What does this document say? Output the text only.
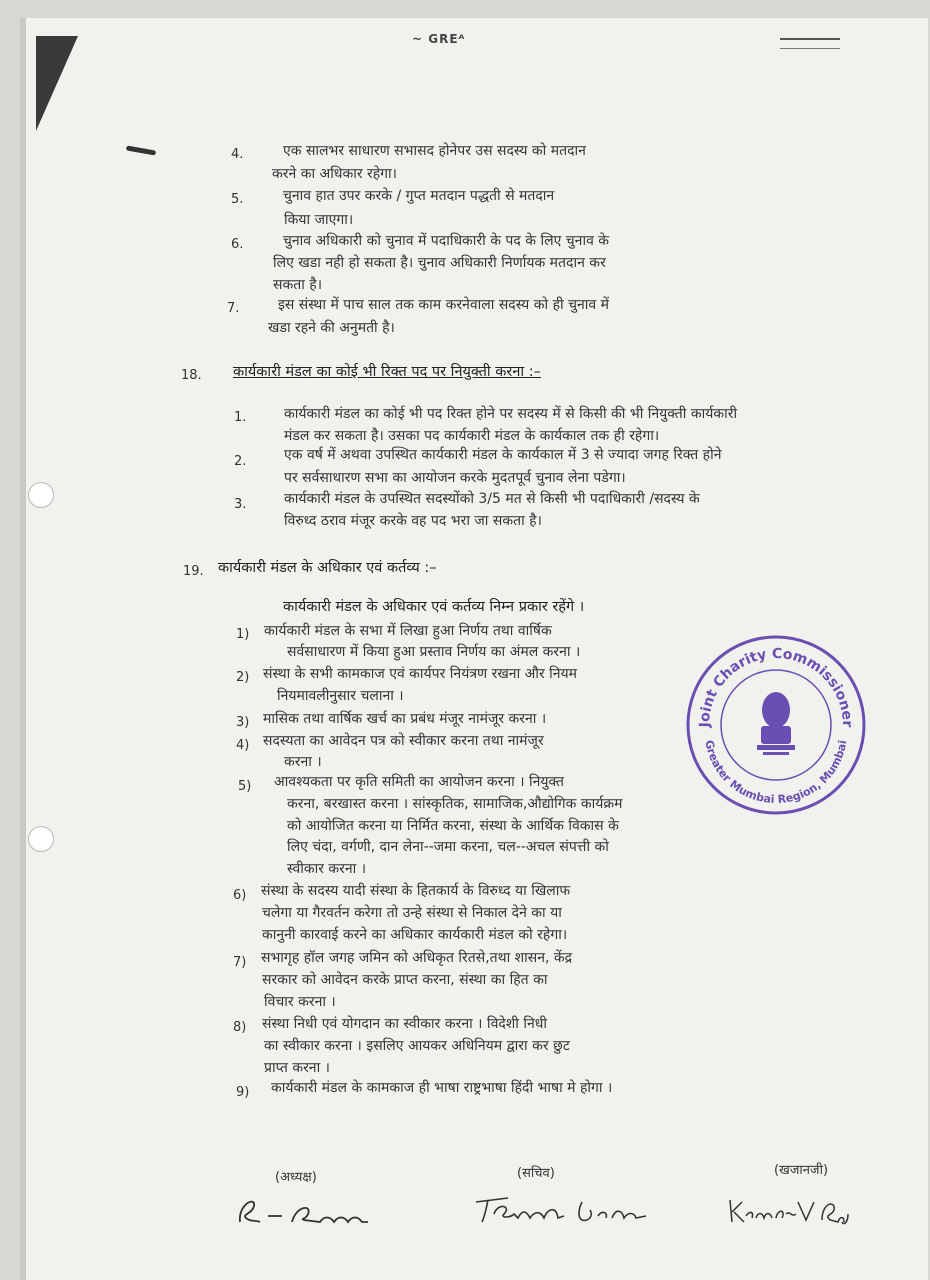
~ GREᴬ
4.	एक सालभर साधारण सभासद होनेपर उस सदस्य को मतदान
करने का अधिकार रहेगा।
5.	चुनाव हात उपर करके / गुप्त मतदान पद्धती से मतदान
किया जाएगा।
6.	चुनाव अधिकारी को चुनाव में पदाधिकारी के पद के लिए चुनाव के
लिए खडा नही हो सकता है। चुनाव अधिकारी निर्णायक मतदान कर
सकता है।
7.	इस संस्था में पाच साल तक काम करनेवाला सदस्य को ही चुनाव में
खडा रहने की अनुमती है।
18. कार्यकारी मंडल का कोई भी रिक्त पद पर नियुक्ती करना :–
1.	कार्यकारी मंडल का कोई भी पद रिक्त होने पर सदस्य में से किसी की भी नियुक्ती कार्यकारी
मंडल कर सकता है। उसका पद कार्यकारी मंडल के कार्यकाल तक ही रहेगा।
2.	एक वर्ष में अथवा उपस्थित कार्यकारी मंडल के कार्यकाल में 3 से ज्यादा जगह रिक्त होने
पर सर्वसाधारण सभा का आयोजन करके मुदतपूर्व चुनाव लेना पडेगा।
3.	कार्यकारी मंडल के उपस्थित सदस्योंको 3/5 मत से किसी भी पदाधिकारी /सदस्य के
विरुध्द ठराव मंजूर करके वह पद भरा जा सकता है।
19. कार्यकारी मंडल के अधिकार एवं कर्तव्य :–
कार्यकारी मंडल के अधिकार एवं कर्तव्य निम्न प्रकार रहेंगे ।
1) कार्यकारी मंडल के सभा में लिखा हुआ निर्णय तथा वार्षिक
सर्वसाधारण में किया हुआ प्रस्ताव निर्णय का अंमल करना ।
2) संस्था के सभी कामकाज एवं कार्यपर नियंत्रण रखना और नियम
नियमावलीनुसार चलाना ।
3) मासिक तथा वार्षिक खर्च का प्रबंध मंजूर नामंजूर करना ।
4) सदस्यता का आवेदन पत्र को स्वीकार करना तथा नामंजूर
करना ।
5) आवश्यकता पर कृति समिती का आयोजन करना । नियुक्त
करना, बरखास्त करना । सांस्कृतिक, सामाजिक,औद्योगिक कार्यक्रम
को आयोजित करना या निर्मित करना, संस्था के आर्थिक विकास के
लिए चंदा, वर्गणी, दान लेना--जमा करना, चल--अचल संपत्ती को
स्वीकार करना ।
6) संस्था के सदस्य यादी संस्था के हितकार्य के विरुध्द या खिलाफ
चलेगा या गैरवर्तन करेगा तो उन्हे संस्था से निकाल देने का या
कानुनी कारवाई करने का अधिकार कार्यकारी मंडल को रहेगा।
7) सभागृह हॉल जगह जमिन को अधिकृत रितसे,तथा शासन, केंद्र
सरकार को आवेदन करके प्राप्त करना, संस्था का हित का
विचार करना ।
8) संस्था निधी एवं योगदान का स्वीकार करना । विदेशी निधी
का स्वीकार करना । इसलिए आयकर अधिनियम द्वारा कर छुट
प्राप्त करना ।
9) कार्यकारी मंडल के कामकाज ही भाषा राष्ट्रभाषा हिंदी भाषा मे होगा ।
Joint Charity Commissioner
Greater Mumbai Region, Mumbai
(अध्यक्ष)	(सचिव)	(खजानजी)
